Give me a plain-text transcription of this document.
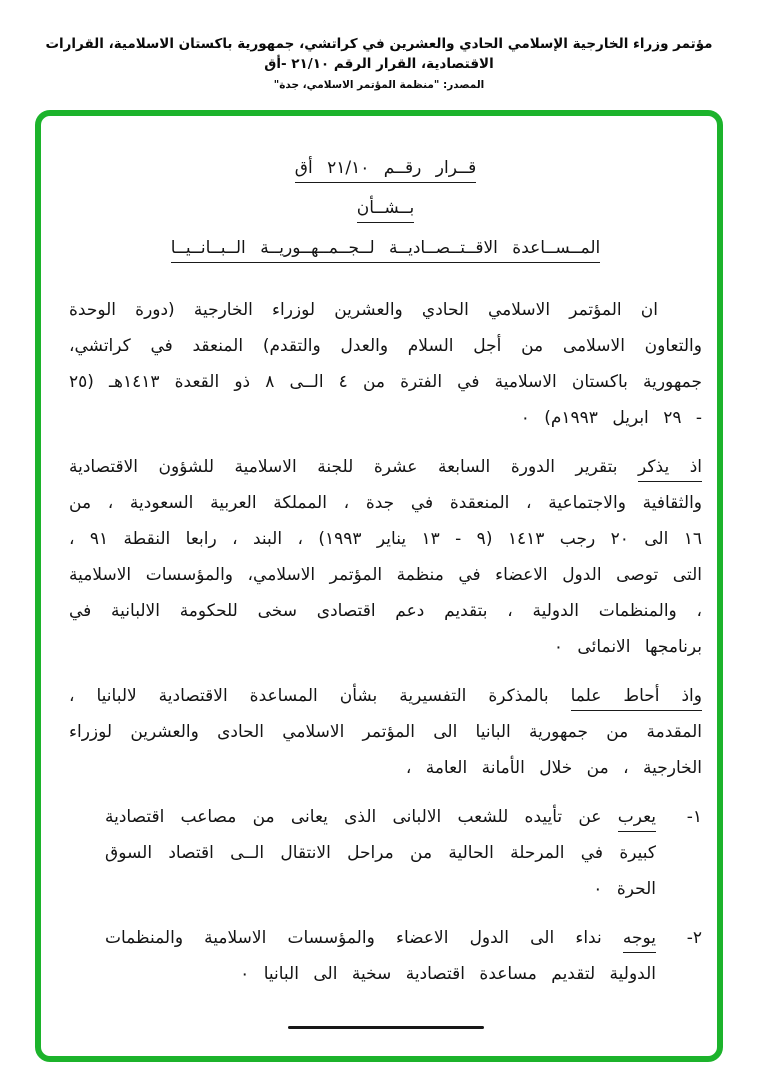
مؤتمر وزراء الخارجية الإسلامي الحادي والعشرين في كراتشي، جمهورية باكستان الاسلامية، القرارات الاقتصادية، القرار الرقم ٢١/١٠ -أق
المصدر: "منظمة المؤتمر الاسلامي، جدة"
قــرار رقــم ٢١/١٠ أق
بــشــأن
المــســاعدة الاقــتــصــاديــة لــجــمــهــوريــة الــبــانــيــا

ان المؤتمر الاسلامي الحادي والعشرين لوزراء الخارجية (دورة الوحدة والتعاون الاسلامى من أجل السلام والعدل والتقدم) المنعقد في كراتشي، جمهورية باكستان الاسلامية في الفترة من ٤ الــى ٨ ذو القعدة ١٤١٣هـ (٢٥ - ٢٩ ابريل ١٩٩٣م) ٠

اذ يذكر بتقرير الدورة السابعة عشرة للجنة الاسلامية للشؤون الاقتصادية والثقافية والاجتماعية ، المنعقدة في جدة ، المملكة العربية السعودية ، من ١٦ الى ٢٠ رجب ١٤١٣ (٩ - ١٣ يناير ١٩٩٣) ، البند ، رابعا النقطة ٩١ ، التى توصى الدول الاعضاء في منظمة المؤتمر الاسلامي، والمؤسسات الاسلامية ، والمنظمات الدولية ، بتقديم دعم اقتصادى سخى للحكومة الالبانية في برنامجها الانمائى ٠

واذ أحاط علما بالمذكرة التفسيرية بشأن المساعدة الاقتصادية لالبانيا ، المقدمة من جمهورية البانيا الى المؤتمر الاسلامي الحادى والعشرين لوزراء الخارجية ، من خلال الأمانة العامة ،

١-

يعرب عن تأييده للشعب الالبانى الذى يعانى من مصاعب اقتصادية كبيرة في المرحلة الحالية من مراحل الانتقال الــى اقتصاد السوق الحرة ٠

٢-

يوجه نداء الى الدول الاعضاء والمؤسسات الاسلامية والمنظمات الدولية لتقديم مساعدة اقتصادية سخية الى البانيا ٠
